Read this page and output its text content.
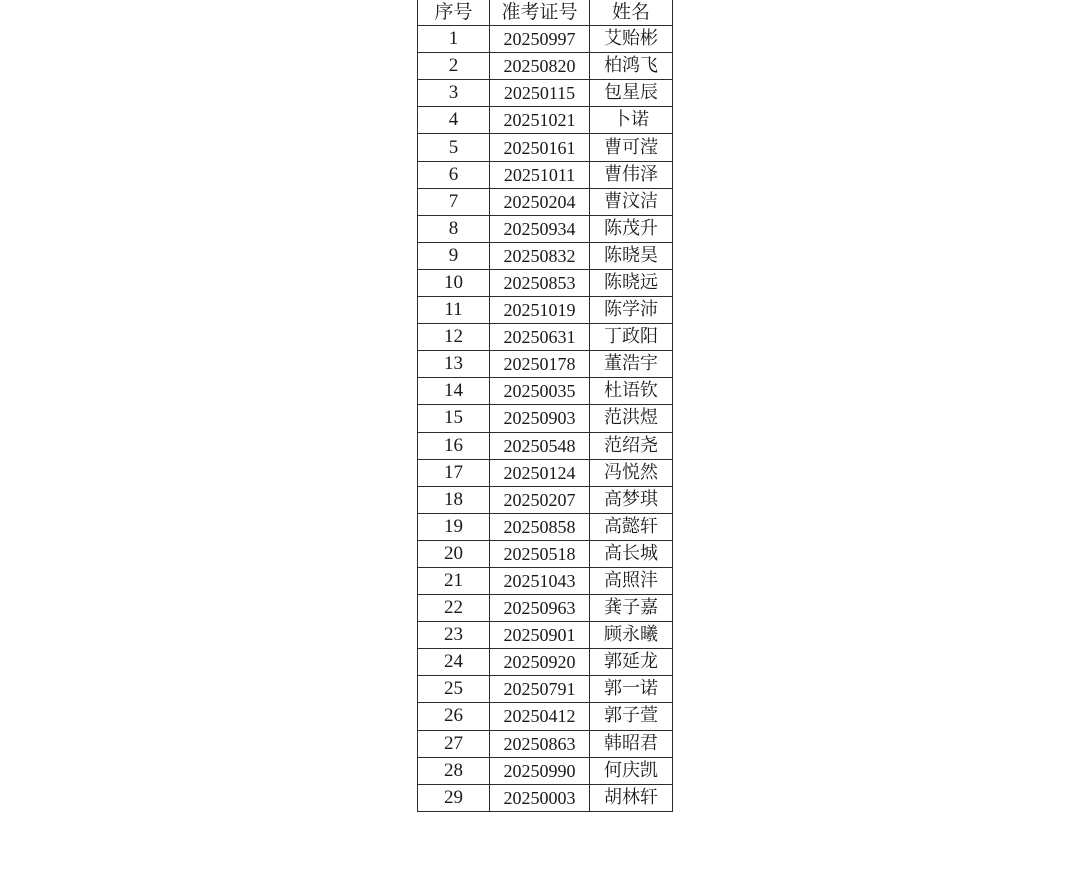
序号	准考证号	姓名
1	20250997	艾贻彬
2	20250820	柏鸿飞
3	20250115	包星辰
4	20251021	卜诺
5	20250161	曹可滢
6	20251011	曹伟泽
7	20250204	曹汶洁
8	20250934	陈茂升
9	20250832	陈晓昊
10	20250853	陈晓远
11	20251019	陈学沛
12	20250631	丁政阳
13	20250178	董浩宇
14	20250035	杜语钦
15	20250903	范洪煜
16	20250548	范绍尧
17	20250124	冯悦然
18	20250207	高梦琪
19	20250858	高懿轩
20	20250518	高长城
21	20251043	高照沣
22	20250963	龚子嘉
23	20250901	顾永曦
24	20250920	郭延龙
25	20250791	郭一诺
26	20250412	郭子萱
27	20250863	韩昭君
28	20250990	何庆凯
29	20250003	胡林轩
